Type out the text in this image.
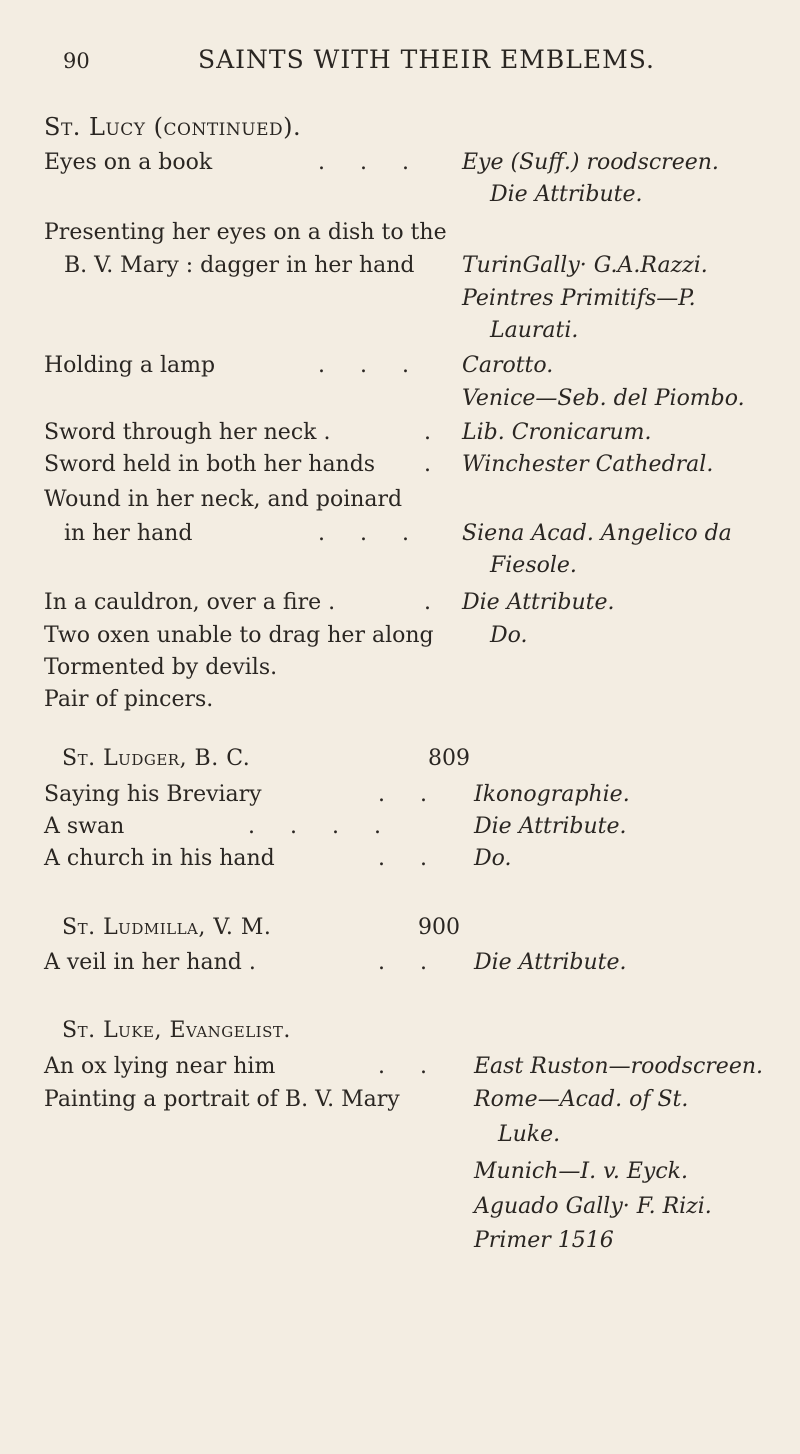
90	SAINTS WITH THEIR EMBLEMS.
St. Lucy (continued).
Eyes on a book	. . . Eye (Suff.) roodscreen.
Die Attribute.
Presenting her eyes on a dish to the
B. V. Mary : dagger in her hand TurinGally· G.A.Razzi.
Peintres Primitifs—P.
Laurati.
Holding a lamp	. . . Carotto.
Venice—Seb. del Piombo.
Sword through her neck .	. Lib. Cronicarum.
Sword held in both her hands . Winchester Cathedral.
Wound in her neck, and poinard
in her hand	. . . Siena Acad. Angelico da
Fiesole.
In a cauldron, over a fire .	. Die Attribute.
Two oxen unable to drag her along	Do.
Tormented by devils.
Pair of pincers.
St. Ludger, B. C.	809
Saying his Breviary	. . Ikonographie.
A swan	. . . .	Die Attribute.
A church in his hand	. . Do.
St. Ludmilla, V. M.	900
A veil in her hand .	. . Die Attribute.
St. Luke, Evangelist.
An ox lying near him	. . East Ruston—roodscreen.
Painting a portrait of B. V. Mary	Rome—Acad. of St.
Luke.
Munich—I. v. Eyck.
Aguado Gally· F. Rizi.
Primer 1516
